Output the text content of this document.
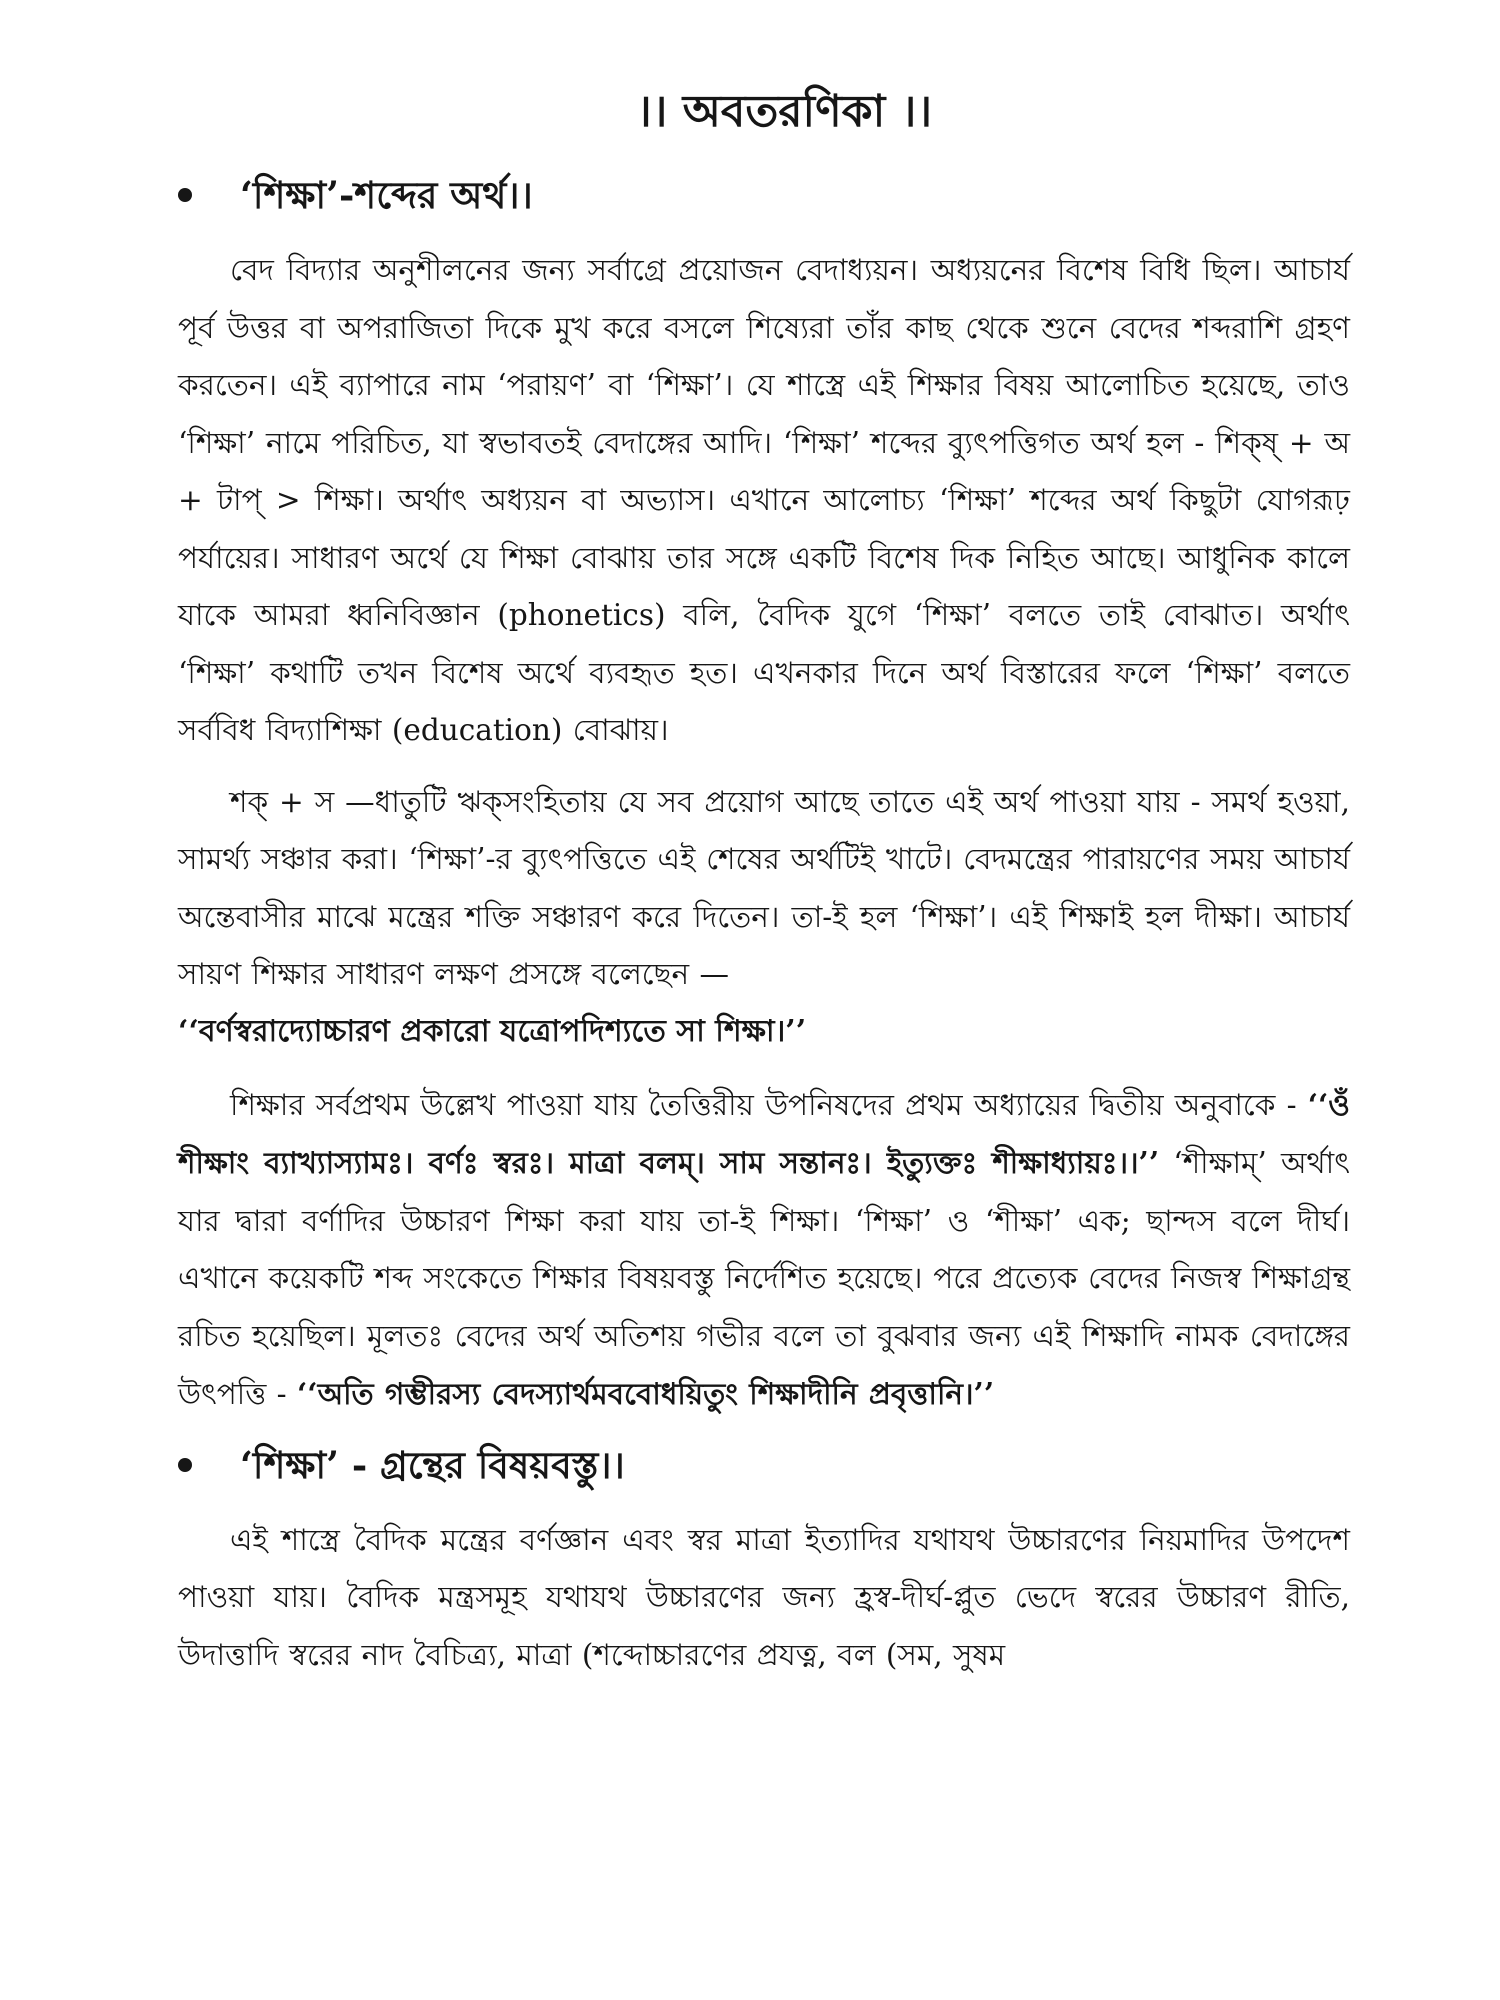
।। অবতরণিকা ।।
‘শিক্ষা’-শব্দের অর্থ।।

বেদ বিদ্যার অনুশীলনের জন্য সর্বাগ্রে প্রয়োজন বেদাধ্যয়ন। অধ্যয়নের বিশেষ বিধি ছিল। আচার্য পূর্ব উত্তর বা অপরাজিতা দিকে মুখ করে বসলে শিষ্যেরা তাঁর কাছ থেকে শুনে বেদের শব্দরাশি গ্রহণ করতেন। এই ব্যাপারে নাম ‘পরায়ণ’ বা ‘শিক্ষা’। যে শাস্ত্রে এই শিক্ষার বিষয় আলোচিত হয়েছে, তাও ‘শিক্ষা’ নামে পরিচিত, যা স্বভাবতই বেদাঙ্গের আদি। ‘শিক্ষা’ শব্দের ব্যুৎপত্তিগত অর্থ হল - শিক্ষ্ + অ + টাপ্ > শিক্ষা। অর্থাৎ অধ্যয়ন বা অভ্যাস। এখানে আলোচ্য ‘শিক্ষা’ শব্দের অর্থ কিছুটা যোগরূঢ় পর্যায়ের। সাধারণ অর্থে যে শিক্ষা বোঝায় তার সঙ্গে একটি বিশেষ দিক নিহিত আছে। আধুনিক কালে যাকে আমরা ধ্বনিবিজ্ঞান (phonetics) বলি, বৈদিক যুগে ‘শিক্ষা’ বলতে তাই বোঝাত। অর্থাৎ ‘শিক্ষা’ কথাটি তখন বিশেষ অর্থে ব্যবহৃত হত। এখনকার দিনে অর্থ বিস্তারের ফলে ‘শিক্ষা’ বলতে সর্ববিধ বিদ্যাশিক্ষা (education) বোঝায়।

শক্ + স —ধাতুটি ঋক্‌সংহিতায় যে সব প্রয়োগ আছে তাতে এই অর্থ পাওয়া যায় - সমর্থ হওয়া, সামর্থ্য সঞ্চার করা। ‘শিক্ষা’-র ব্যুৎপত্তিতে এই শেষের অর্থটিই খাটে। বেদমন্ত্রের পারায়ণের সময় আচার্য অন্তেবাসীর মাঝে মন্ত্রের শক্তি সঞ্চারণ করে দিতেন। তা-ই হল ‘শিক্ষা’। এই শিক্ষাই হল দীক্ষা। আচার্য সায়ণ শিক্ষার সাধারণ লক্ষণ প্রসঙ্গে বলেছেন —

‘‘বর্ণস্বরাদ্যোচ্চারণ প্রকারো যত্রোপদিশ্যতে সা শিক্ষা।’’

শিক্ষার সর্বপ্রথম উল্লেখ পাওয়া যায় তৈত্তিরীয় উপনিষদের প্রথম অধ্যায়ের দ্বিতীয় অনুবাকে - ‘‘ওঁ শীক্ষাং ব্যাখ্যাস্যামঃ। বর্ণঃ স্বরঃ। মাত্রা বলম্। সাম সন্তানঃ। ইত্যুক্তঃ শীক্ষাধ্যায়ঃ।।’’ ‘শীক্ষাম্’ অর্থাৎ যার দ্বারা বর্ণাদির উচ্চারণ শিক্ষা করা যায় তা-ই শিক্ষা। ‘শিক্ষা’ ও ‘শীক্ষা’ এক; ছান্দস বলে দীর্ঘ। এখানে কয়েকটি শব্দ সংকেতে শিক্ষার বিষয়বস্তু নির্দেশিত হয়েছে। পরে প্রত্যেক বেদের নিজস্ব শিক্ষাগ্রন্থ রচিত হয়েছিল। মূলতঃ বেদের অর্থ অতিশয় গভীর বলে তা বুঝবার জন্য এই শিক্ষাদি নামক বেদাঙ্গের উৎপত্তি - ‘‘অতি গম্ভীরস্য বেদস্যার্থমববোধয়িতুং শিক্ষাদীনি প্রবৃত্তানি।’’

‘শিক্ষা’ - গ্রন্থের বিষয়বস্তু।।

এই শাস্ত্রে বৈদিক মন্ত্রের বর্ণজ্ঞান এবং স্বর মাত্রা ইত্যাদির যথাযথ উচ্চারণের নিয়মাদির উপদেশ পাওয়া যায়। বৈদিক মন্ত্রসমূহ যথাযথ উচ্চারণের জন্য হ্রস্ব-দীর্ঘ-প্লুত ভেদে স্বরের উচ্চারণ রীতি, উদাত্তাদি স্বরের নাদ বৈচিত্র্য, মাত্রা (শব্দোচ্চারণের প্রযত্ন, বল (সম, সুষম
